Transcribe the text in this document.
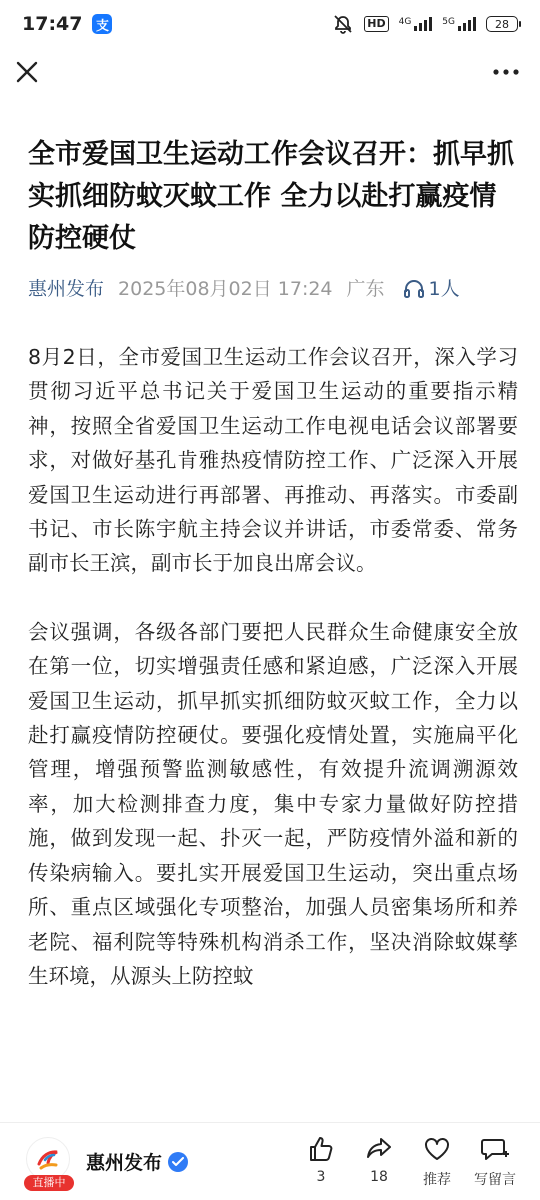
17:47 支	HD	4G	5G	28
全市爱国卫生运动工作会议召开：抓早抓实抓细防蚊灭蚊工作 全力以赴打赢疫情防控硬仗
惠州发布 2025年08月02日 17:24 广东 1人

8月2日，全市爱国卫生运动工作会议召开，深入学习贯彻习近平总书记关于爱国卫生运动的重要指示精神，按照全省爱国卫生运动工作电视电话会议部署要求，对做好基孔肯雅热疫情防控工作、广泛深入开展爱国卫生运动进行再部署、再推动、再落实。市委副书记、市长陈宇航主持会议并讲话，市委常委、常务副市长王滨，副市长于加良出席会议。

会议强调，各级各部门要把人民群众生命健康安全放在第一位，切实增强责任感和紧迫感，广泛深入开展爱国卫生运动，抓早抓实抓细防蚊灭蚊工作，全力以赴打赢疫情防控硬仗。要强化疫情处置，实施扁平化管理，增强预警监测敏感性，有效提升流调溯源效率，加大检测排查力度，集中专家力量做好防控措施，做到发现一起、扑灭一起，严防疫情外溢和新的传染病输入。要扎实开展爱国卫生运动，突出重点场所、重点区域强化专项整治，加强人员密集场所和养老院、福利院等特殊机构消杀工作，坚决消除蚊媒孳生环境，从源头上防控蚊

直播中
惠州发布
3	18	推荐 写留言
